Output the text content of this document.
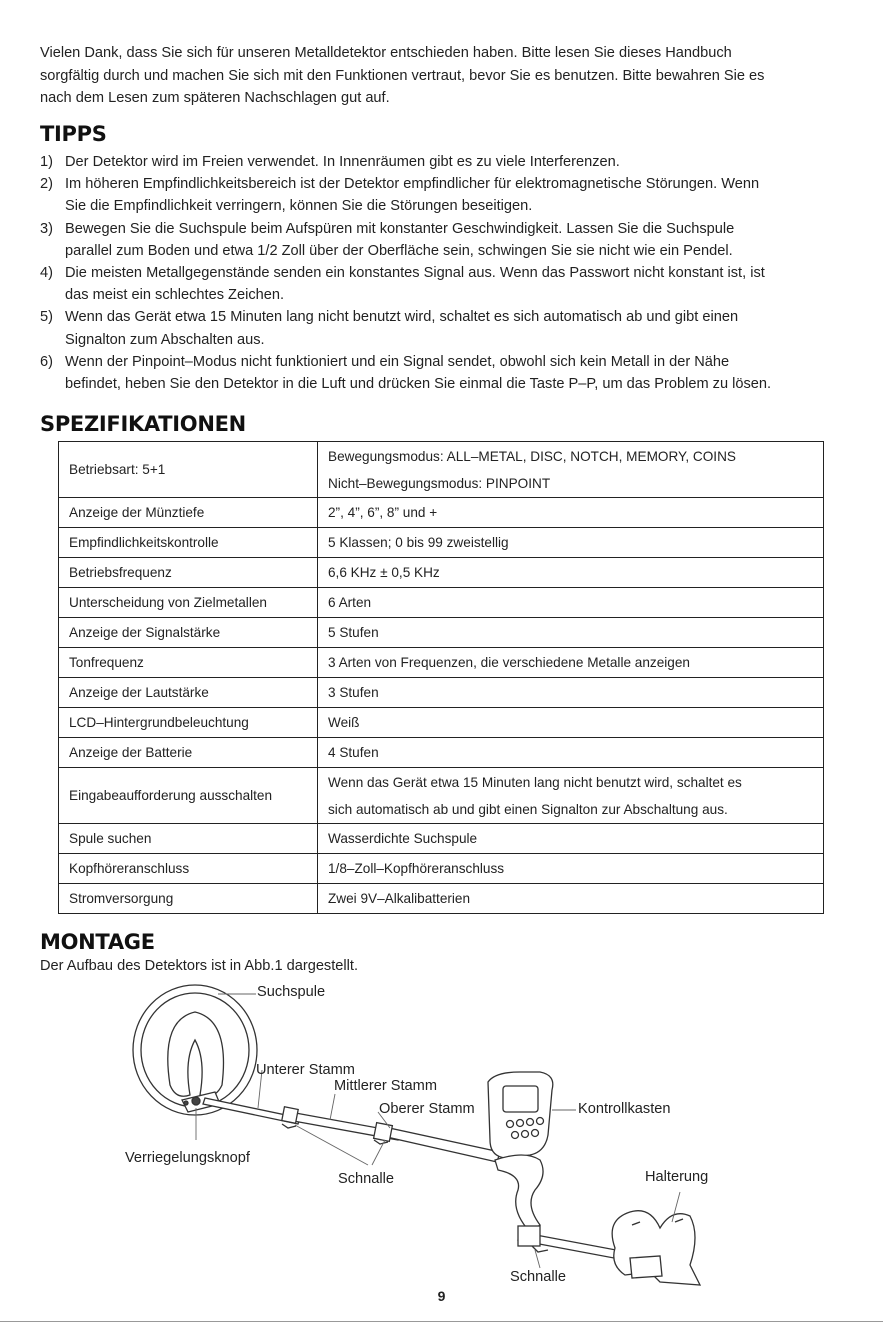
Vielen Dank, dass Sie sich für unseren Metalldetektor entschieden haben. Bitte lesen Sie dieses Handbuch

sorgfältig durch und machen Sie sich mit den Funktionen vertraut, bevor Sie es benutzen. Bitte bewahren Sie es

nach dem Lesen zum späteren Nachschlagen gut auf.

TIPPS
1) Der Detektor wird im Freien verwendet. In Innenräumen gibt es zu viele Interferenzen.
2) Im höheren Empfindlichkeitsbereich ist der Detektor empfindlicher für elektromagnetische Störungen. Wenn
Sie die Empfindlichkeit verringern, können Sie die Störungen beseitigen.
3) Bewegen Sie die Suchspule beim Aufspüren mit konstanter Geschwindigkeit. Lassen Sie die Suchspule
parallel zum Boden und etwa 1/2 Zoll über der Oberfläche sein, schwingen Sie sie nicht wie ein Pendel.
4) Die meisten Metallgegenstände senden ein konstantes Signal aus. Wenn das Passwort nicht konstant ist, ist
das meist ein schlechtes Zeichen.
5) Wenn das Gerät etwa 15 Minuten lang nicht benutzt wird, schaltet es sich automatisch ab und gibt einen
Signalton zum Abschalten aus.
6) Wenn der Pinpoint–Modus nicht funktioniert und ein Signal sendet, obwohl sich kein Metall in der Nähe
befindet, heben Sie den Detektor in die Luft und drücken Sie einmal die Taste P–P, um das Problem zu lösen.
SPEZIFIKATIONEN
Betriebsart: 5+1	Bewegungsmodus: ALL–METAL, DISC, NOTCH, MEMORY, COINS
Nicht–Bewegungsmodus: PINPOINT

Anzeige der Münztiefe	2”, 4”, 6”, 8” und +
Empfindlichkeitskontrolle	5 Klassen; 0 bis 99 zweistellig
Betriebsfrequenz	6,6 KHz ± 0,5 KHz
Unterscheidung von Zielmetallen	6 Arten
Anzeige der Signalstärke	5 Stufen
Tonfrequenz	3 Arten von Frequenzen, die verschiedene Metalle anzeigen
Anzeige der Lautstärke	3 Stufen
LCD–Hintergrundbeleuchtung	Weiß
Anzeige der Batterie	4 Stufen
Eingabeaufforderung ausschalten	Wenn das Gerät etwa 15 Minuten lang nicht benutzt wird, schaltet es
sich automatisch ab und gibt einen Signalton zur Abschaltung aus.

Spule suchen	Wasserdichte Suchspule
Kopfhöreranschluss	1/8–Zoll–Kopfhöreranschluss
Stromversorgung	Zwei 9V–Alkalibatterien
MONTAGE
Der Aufbau des Detektors ist in Abb.1 dargestellt.
Suchspule
Unterer Stamm
Mittlerer Stamm
Oberer Stamm	Kontrollkasten
Verriegelungsknopf
Schnalle	Halterung
Schnalle
9
